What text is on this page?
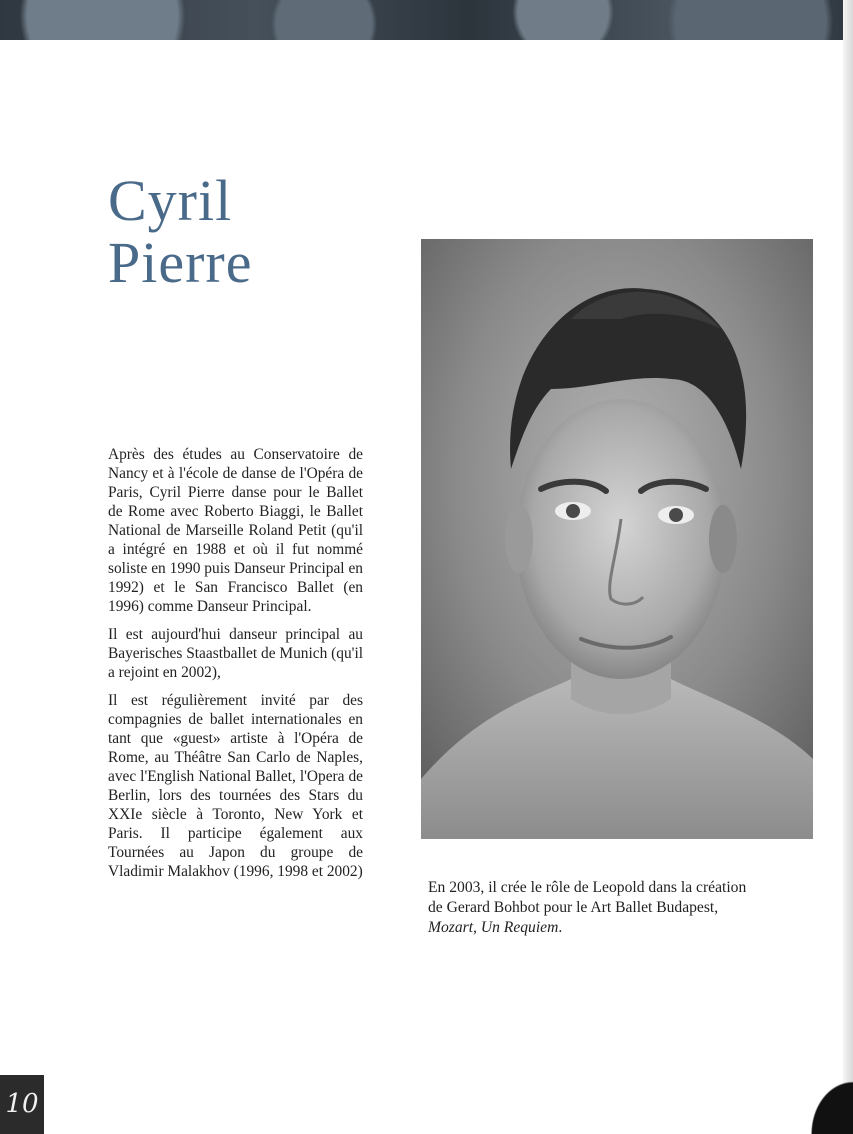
Cyril
Pierre

Après des études au Conservatoire de Nancy et à l'école de danse de l'Opéra de Paris, Cyril Pierre danse pour le Ballet de Rome avec Roberto Biaggi, le Ballet National de Marseille Roland Petit (qu'il a intégré en 1988 et où il fut nommé soliste en 1990 puis Danseur Principal en 1992) et le San Francisco Ballet (en 1996) comme Danseur Principal.

Il est aujourd'hui danseur principal au Bayerisches Staastballet de Munich (qu'il a rejoint en 2002),

Il est régulièrement invité par des compagnies de ballet internationales en tant que «guest» artiste à l'Opéra de Rome, au Théâtre San Carlo de Naples, avec l'English National Ballet, l'Opera de Berlin, lors des tournées des Stars du XXIe siècle à Toronto, New York et Paris. Il participe également aux Tournées au Japon du groupe de Vladimir Malakhov (1996, 1998 et 2002)

En 2003, il crée le rôle de Leopold dans la création de Gerard Bohbot pour le Art Ballet Budapest, Mozart, Un Requiem.
10
